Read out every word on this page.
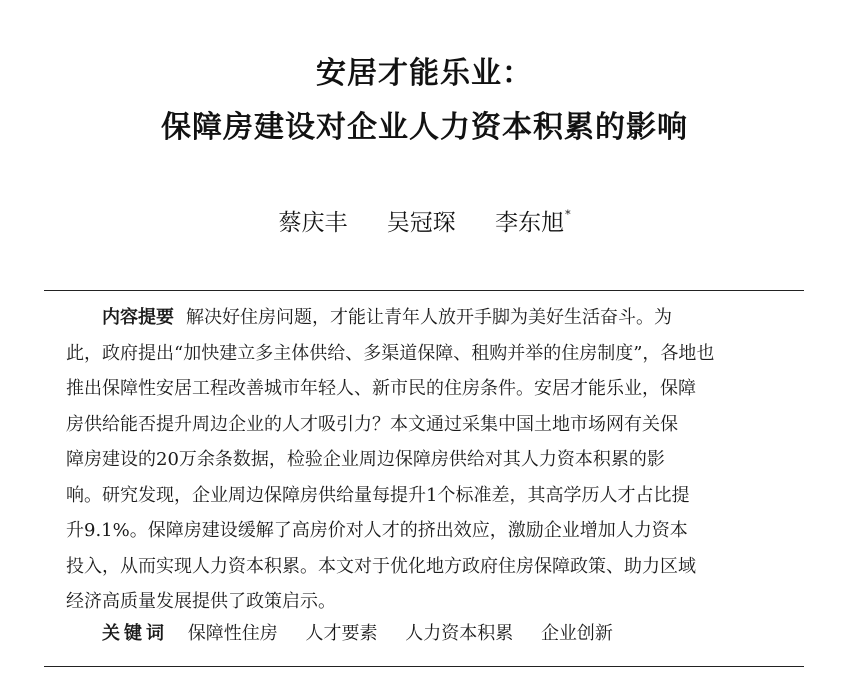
安居才能乐业：
保障房建设对企业人力资本积累的影响
蔡庆丰 吴冠琛 李东旭*
内容提要 解决好住房问题，才能让青年人放开手脚为美好生活奋斗。为
此，政府提出“加快建立多主体供给、多渠道保障、租购并举的住房制度”，各地也
推出保障性安居工程改善城市年轻人、新市民的住房条件。安居才能乐业，保障
房供给能否提升周边企业的人才吸引力？本文通过采集中国土地市场网有关保
障房建设的20万余条数据，检验企业周边保障房供给对其人力资本积累的影
响。研究发现，企业周边保障房供给量每提升1个标准差，其高学历人才占比提
升9.1%。保障房建设缓解了高房价对人才的挤出效应，激励企业增加人力资本
投入，从而实现人力资本积累。本文对于优化地方政府住房保障政策、助力区域
经济高质量发展提供了政策启示。
关键词 保障性住房 人才要素 人力资本积累 企业创新
